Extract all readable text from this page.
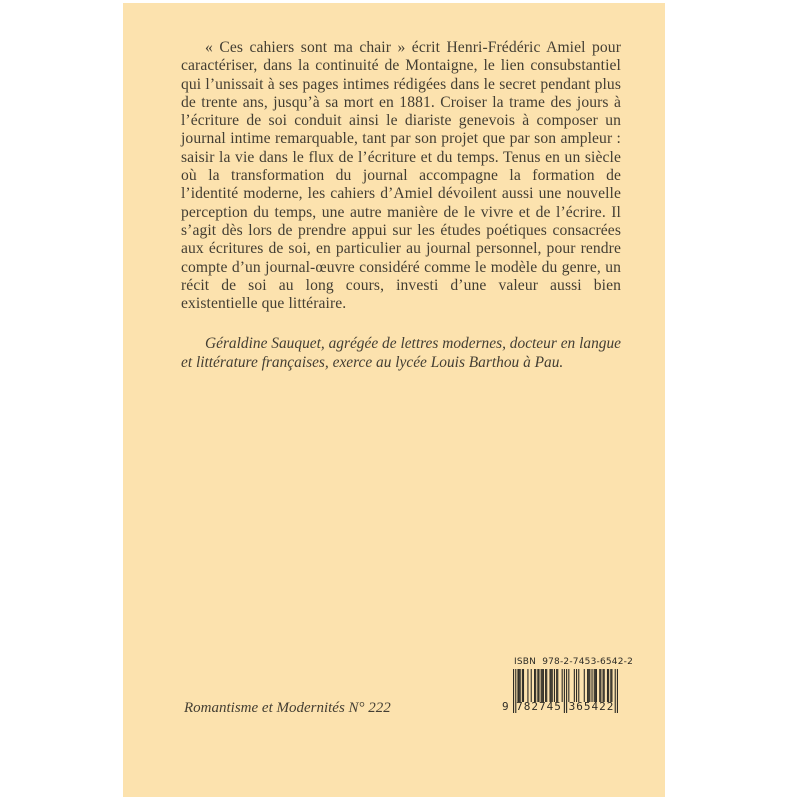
« Ces cahiers sont ma chair » écrit Henri-Frédéric Amiel pour caractériser, dans la continuité de Montaigne, le lien consubstantiel qui l’unissait à ses pages intimes rédigées dans le secret pendant plus de trente ans, jusqu’à sa mort en 1881. Croiser la trame des jours à l’écriture de soi conduit ainsi le diariste genevois à composer un journal intime remarquable, tant par son projet que par son ampleur : saisir la vie dans le flux de l’écriture et du temps. Tenus en un siècle où la transformation du journal accompagne la formation de l’identité moderne, les cahiers d’Amiel dévoilent aussi une nouvelle perception du temps, une autre manière de le vivre et de l’écrire. Il s’agit dès lors de prendre appui sur les études poétiques consacrées aux écritures de soi, en particulier au journal personnel, pour rendre compte d’un journal-œuvre considéré comme le modèle du genre, un récit de soi au long cours, investi d’une valeur aussi bien existentielle que littéraire.

Géraldine Sauquet, agrégée de lettres modernes, docteur en langue et littérature françaises, exerce au lycée Louis Barthou à Pau.

Romantisme et Modernités N° 222
ISBN  978-2-7453-6542-2
9 782745 365422
